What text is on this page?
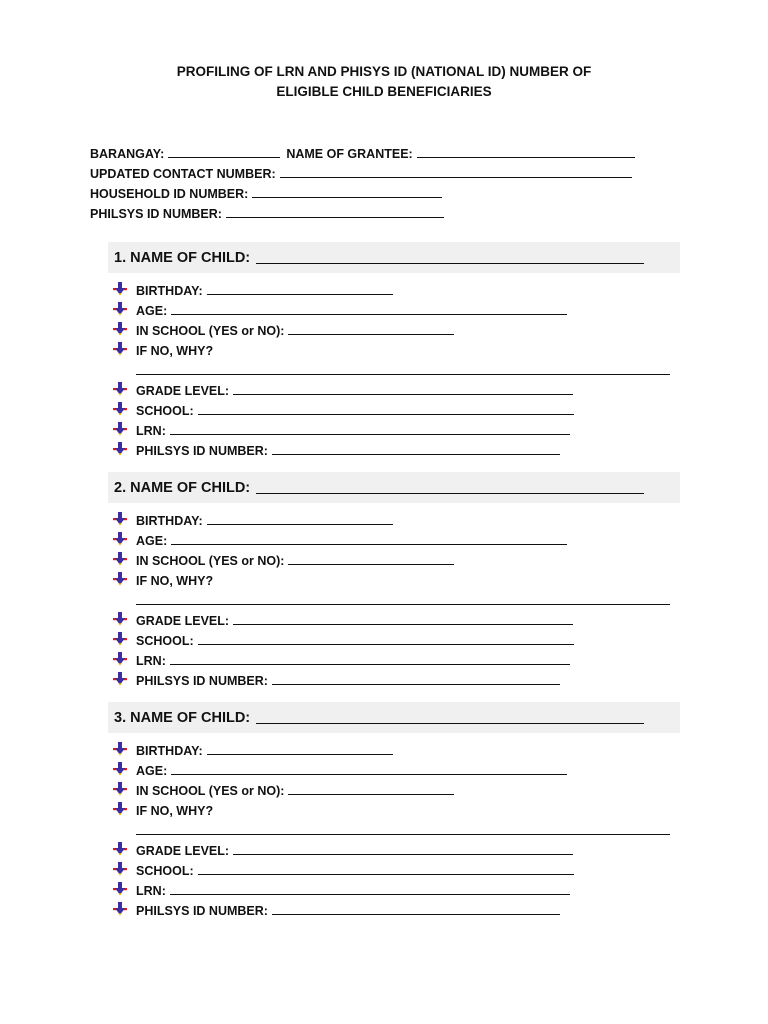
PROFILING OF LRN AND PHISYS ID (NATIONAL ID) NUMBER OF
ELIGIBLE CHILD BENEFICIARIES
BARANGAY:	NAME OF GRANTEE:
UPDATED CONTACT NUMBER:
HOUSEHOLD ID NUMBER:
PHILSYS ID NUMBER:
1. NAME OF CHILD:
BIRTHDAY:
AGE:
IN SCHOOL (YES or NO):
IF NO, WHY?
GRADE LEVEL:
SCHOOL:
LRN:
PHILSYS ID NUMBER:
2. NAME OF CHILD:
BIRTHDAY:
AGE:
IN SCHOOL (YES or NO):
IF NO, WHY?
GRADE LEVEL:
SCHOOL:
LRN:
PHILSYS ID NUMBER:
3. NAME OF CHILD:
BIRTHDAY:
AGE:
IN SCHOOL (YES or NO):
IF NO, WHY?
GRADE LEVEL:
SCHOOL:
LRN:
PHILSYS ID NUMBER:
